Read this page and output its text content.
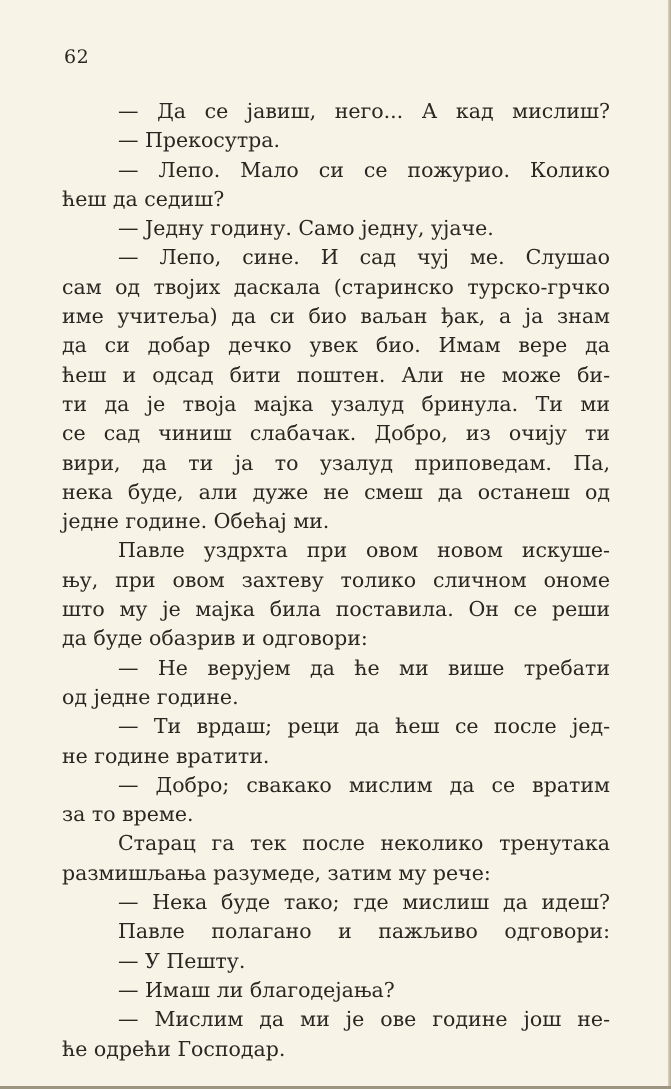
62
— Да се јавиш, него... А кад мислиш?
— Прекосутра.
— Лепо. Мало си се пожурио. Колико
ћеш да седиш?
— Једну годину. Само једну, ујаче.
— Лепо, сине. И сад чуј ме. Слушао
сам од твојих даскала (старинско турско-грчко
име учитеља) да си био ваљан ђак, а ја знам
да си добар дечко увек био. Имам вере да
ћеш и одсад бити поштен. Али не може би-
ти да је твоја мајка узалуд бринула. Ти ми
се сад чиниш слабачак. Добро, из очију ти
вири, да ти ја то узалуд приповедам. Па,
нека буде, али дуже не смеш да останеш од
једне године. Обећај ми.
Павле уздрхта при овом новом искуше-
њу, при овом захтеву толико сличном ономе
што му је мајка била поставила. Он се реши
да буде обазрив и одговори:
— Не верујем да ће ми више требати
од једне године.
— Ти врдаш; реци да ћеш се после јед-
не године вратити.
— Добро; свакако мислим да се вратим
за то време.
Старац га тек после неколико тренутака
размишљања разумеде, затим му рече:
— Нека буде тако; где мислиш да идеш?
Павле полагано и пажљиво одговори:
— У Пешту.
— Имаш ли благодејања?
— Мислим да ми је ове године још не-
ће одрећи Господар.
